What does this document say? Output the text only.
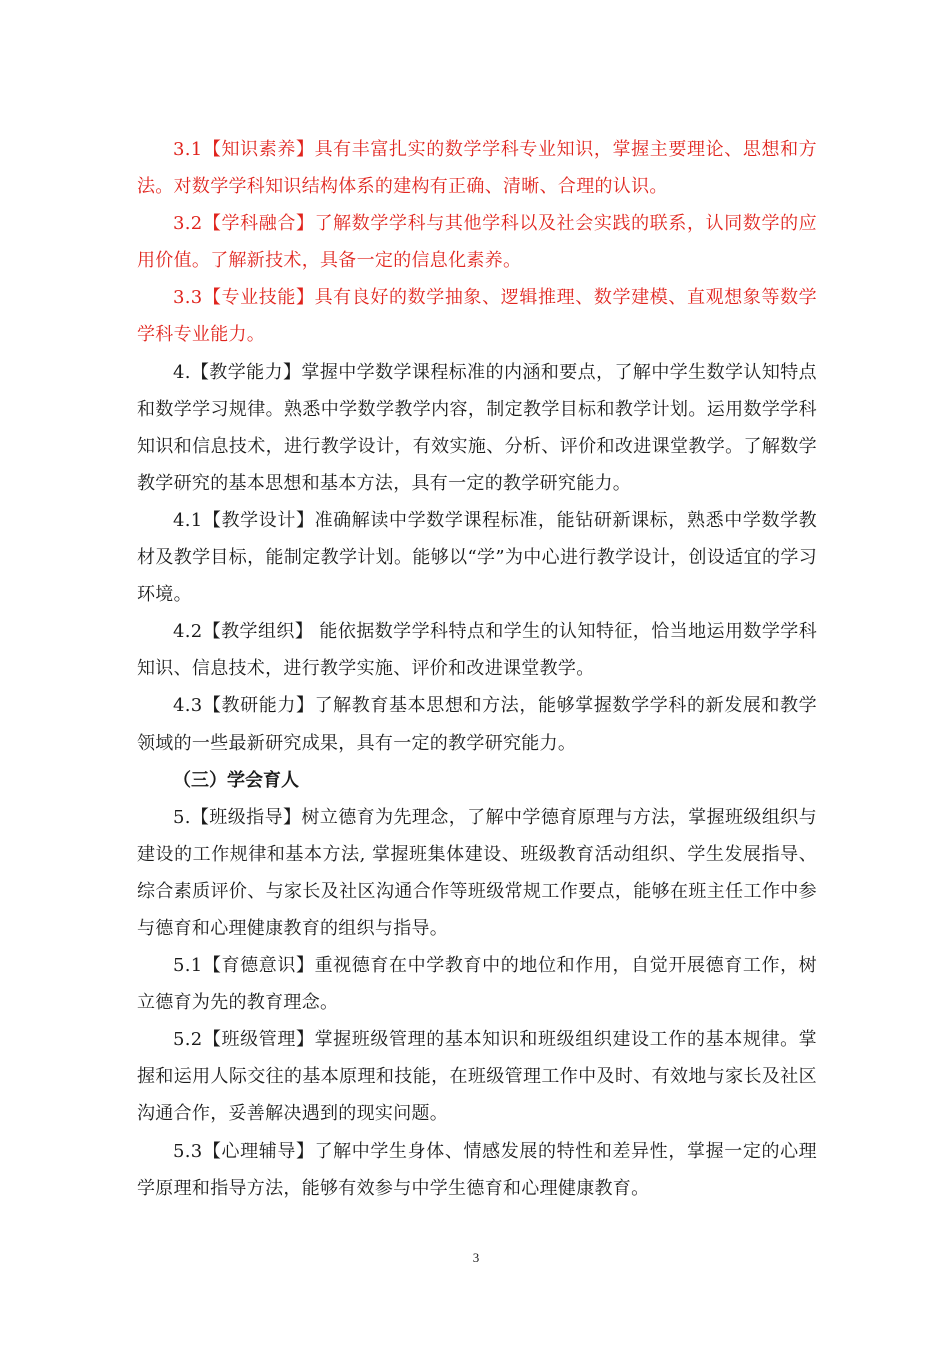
3.1【知识素养】具有丰富扎实的数学学科专业知识，掌握主要理论、思想和方法。对数学学科知识结构体系的建构有正确、清晰、合理的认识。

3.2【学科融合】了解数学学科与其他学科以及社会实践的联系，认同数学的应用价值。了解新技术，具备一定的信息化素养。

3.3【专业技能】具有良好的数学抽象、逻辑推理、数学建模、直观想象等数学学科专业能力。

4.【教学能力】掌握中学数学课程标准的内涵和要点，了解中学生数学认知特点和数学学习规律。熟悉中学数学教学内容，制定教学目标和教学计划。运用数学学科知识和信息技术，进行教学设计，有效实施、分析、评价和改进课堂教学。了解数学教学研究的基本思想和基本方法，具有一定的教学研究能力。

4.1【教学设计】准确解读中学数学课程标准，能钻研新课标，熟悉中学数学教材及教学目标，能制定教学计划。能够以“学”为中心进行教学设计，创设适宜的学习环境。

4.2【教学组织】 能依据数学学科特点和学生的认知特征，恰当地运用数学学科知识、信息技术，进行教学实施、评价和改进课堂教学。

4.3【教研能力】了解教育基本思想和方法，能够掌握数学学科的新发展和教学领域的一些最新研究成果，具有一定的教学研究能力。

（三）学会育人

5.【班级指导】树立德育为先理念，了解中学德育原理与方法，掌握班级组织与建设的工作规律和基本方法, 掌握班集体建设、班级教育活动组织、学生发展指导、综合素质评价、与家长及社区沟通合作等班级常规工作要点，能够在班主任工作中参与德育和心理健康教育的组织与指导。

5.1【育德意识】重视德育在中学教育中的地位和作用，自觉开展德育工作，树立德育为先的教育理念。

5.2【班级管理】掌握班级管理的基本知识和班级组织建设工作的基本规律。掌握和运用人际交往的基本原理和技能，在班级管理工作中及时、有效地与家长及社区沟通合作，妥善解决遇到的现实问题。

5.3【心理辅导】了解中学生身体、情感发展的特性和差异性，掌握一定的心理学原理和指导方法，能够有效参与中学生德育和心理健康教育。

3
